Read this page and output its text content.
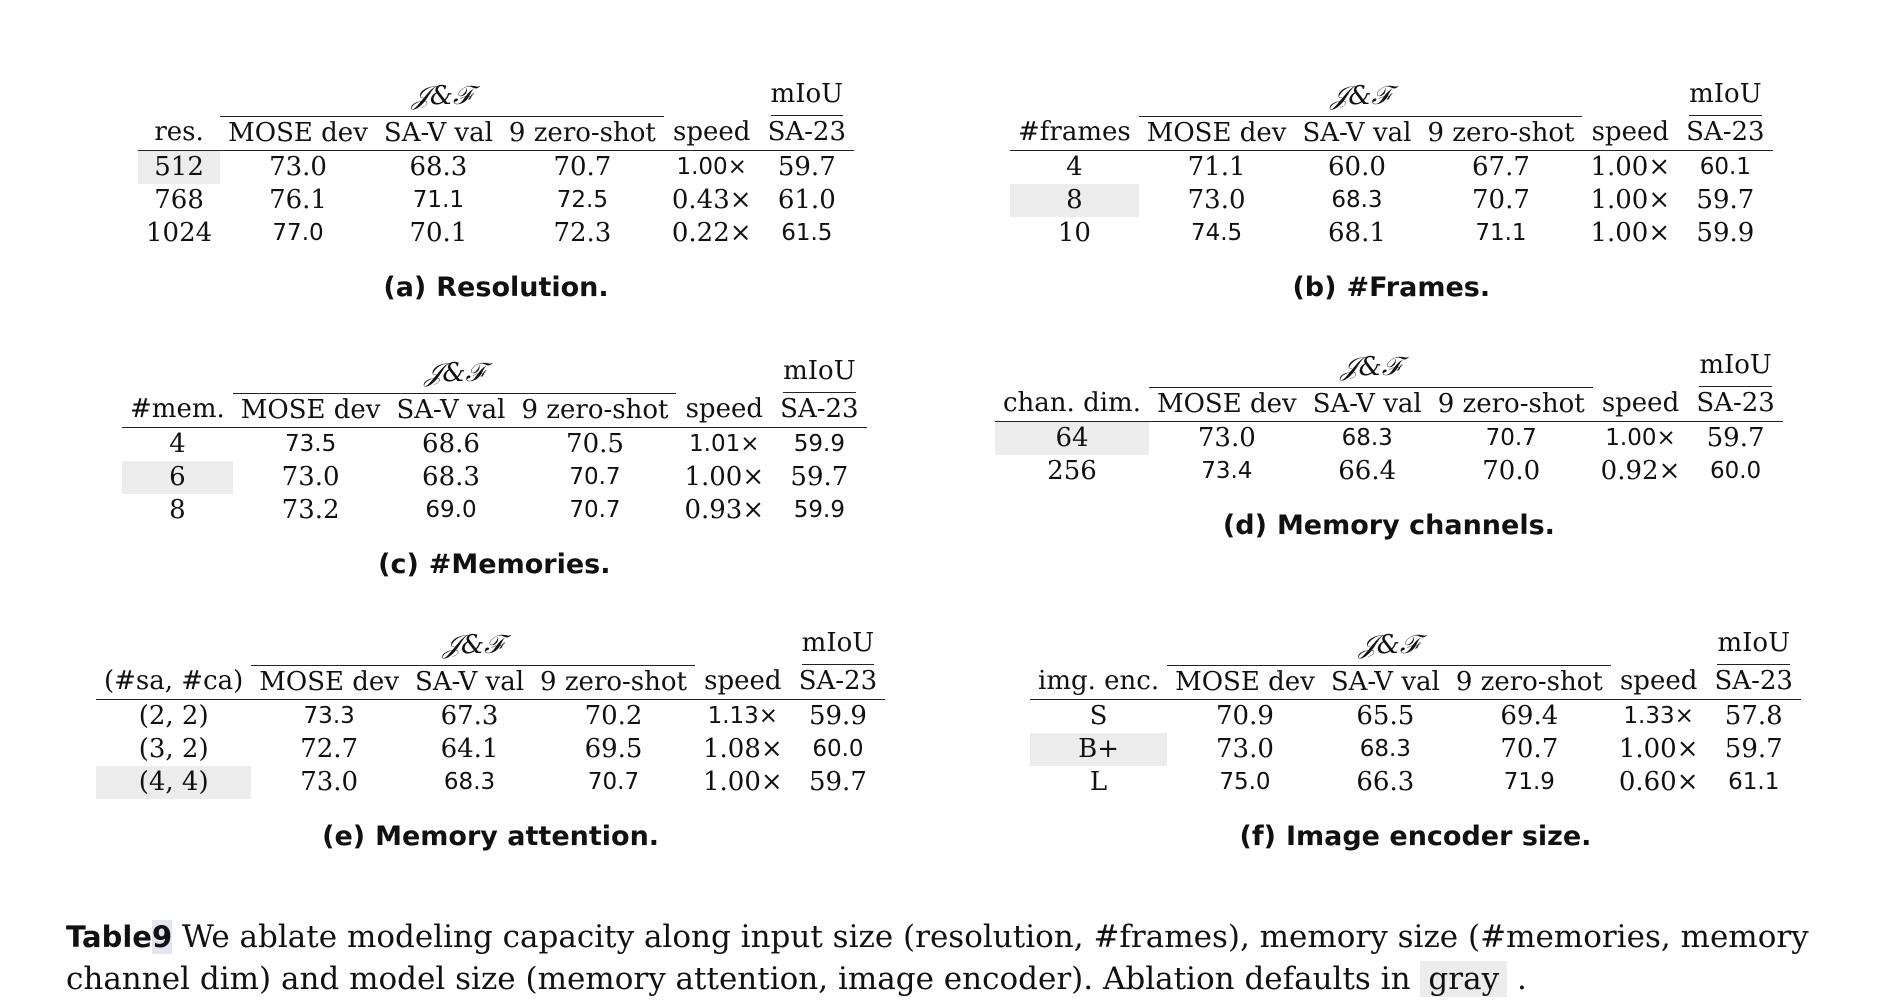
	𝒥&ℱ				mIoU
res.	MOSE dev	SA-V val	9 zero-shot	speed	SA-23
512	73.0	68.3	70.7	1.00×	59.7
768	76.1	71.1	72.5	0.43×	61.0
1024	77.0	70.1	72.3	0.22×	61.5
(a) Resolution.
	𝒥&ℱ				mIoU
#frames	MOSE dev	SA-V val	9 zero-shot	speed	SA-23
4	71.1	60.0	67.7	1.00×	60.1
8	73.0	68.3	70.7	1.00×	59.7
10	74.5	68.1	71.1	1.00×	59.9
(b) #Frames.
	𝒥&ℱ				mIoU
#mem.	MOSE dev	SA-V val	9 zero-shot	speed	SA-23
4	73.5	68.6	70.5	1.01×	59.9
6	73.0	68.3	70.7	1.00×	59.7
8	73.2	69.0	70.7	0.93×	59.9
(c) #Memories.
	𝒥&ℱ				mIoU
chan. dim.	MOSE dev	SA-V val	9 zero-shot	speed	SA-23
64	73.0	68.3	70.7	1.00×	59.7
256	73.4	66.4	70.0	0.92×	60.0
(d) Memory channels.
	𝒥&ℱ				mIoU
(#sa, #ca)	MOSE dev	SA-V val	9 zero-shot	speed	SA-23
(2, 2)	73.3	67.3	70.2	1.13×	59.9
(3, 2)	72.7	64.1	69.5	1.08×	60.0
(4, 4)	73.0	68.3	70.7	1.00×	59.7
(e) Memory attention.
	𝒥&ℱ				mIoU
img. enc.	MOSE dev	SA-V val	9 zero-shot	speed	SA-23
S	70.9	65.5	69.4	1.33×	57.8
B+	73.0	68.3	70.7	1.00×	59.7
L	75.0	66.3	71.9	0.60×	61.1
(f) Image encoder size.
Table9 We ablate modeling capacity along input size (resolution, #frames), memory size (#memories, memory channel dim) and model size (memory attention, image encoder). Ablation defaults in gray .
